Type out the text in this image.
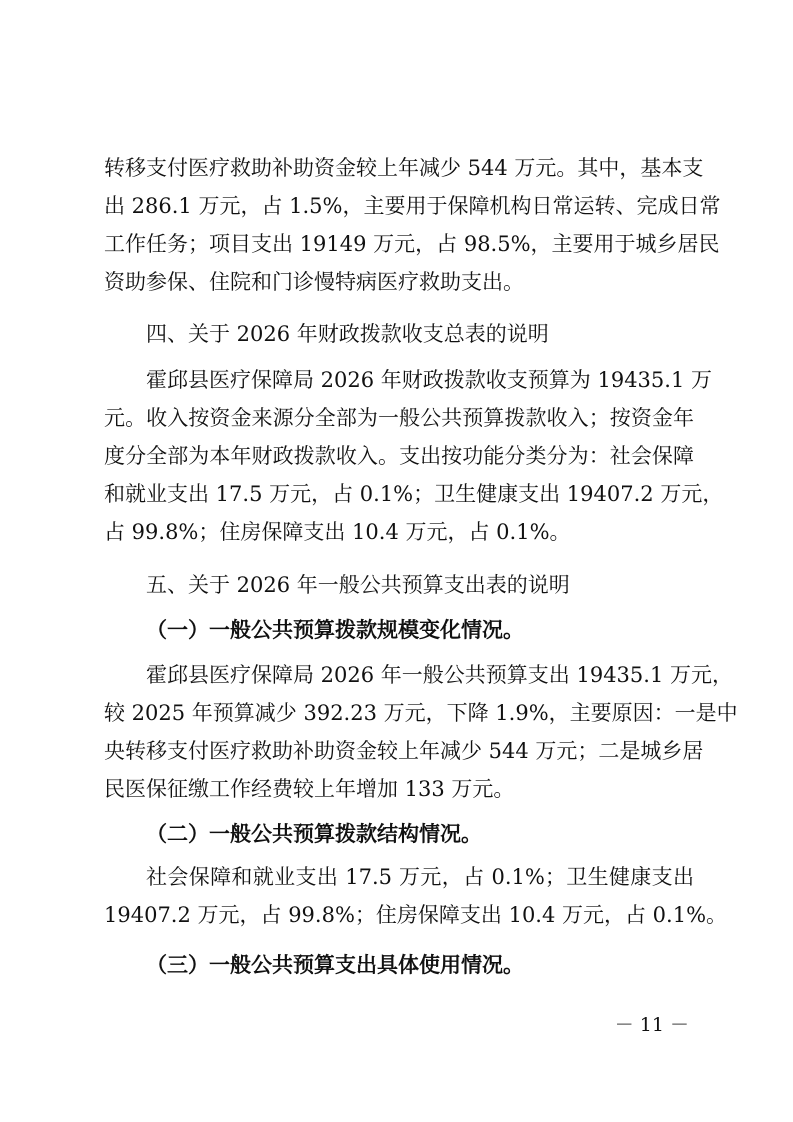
转移支付医疗救助补助资金较上年减少 544 万元。其中，基本支
出 286.1 万元，占 1.5%，主要用于保障机构日常运转、完成日常
工作任务；项目支出 19149 万元，占 98.5%，主要用于城乡居民
资助参保、住院和门诊慢特病医疗救助支出。
四、关于 2026 年财政拨款收支总表的说明
霍邱县医疗保障局 2026 年财政拨款收支预算为 19435.1 万
元。收入按资金来源分全部为一般公共预算拨款收入；按资金年
度分全部为本年财政拨款收入。支出按功能分类分为：社会保障
和就业支出 17.5 万元，占 0.1%；卫生健康支出 19407.2 万元，
占 99.8%；住房保障支出 10.4 万元，占 0.1%。
五、关于 2026 年一般公共预算支出表的说明
（一）一般公共预算拨款规模变化情况。
霍邱县医疗保障局 2026 年一般公共预算支出 19435.1 万元，
较 2025 年预算减少 392.23 万元，下降 1.9%，主要原因：一是中
央转移支付医疗救助补助资金较上年减少 544 万元；二是城乡居
民医保征缴工作经费较上年增加 133 万元。
（二）一般公共预算拨款结构情况。
社会保障和就业支出 17.5 万元，占 0.1%；卫生健康支出
19407.2 万元，占 99.8%；住房保障支出 10.4 万元，占 0.1%。
（三）一般公共预算支出具体使用情况。
－ 11 －
